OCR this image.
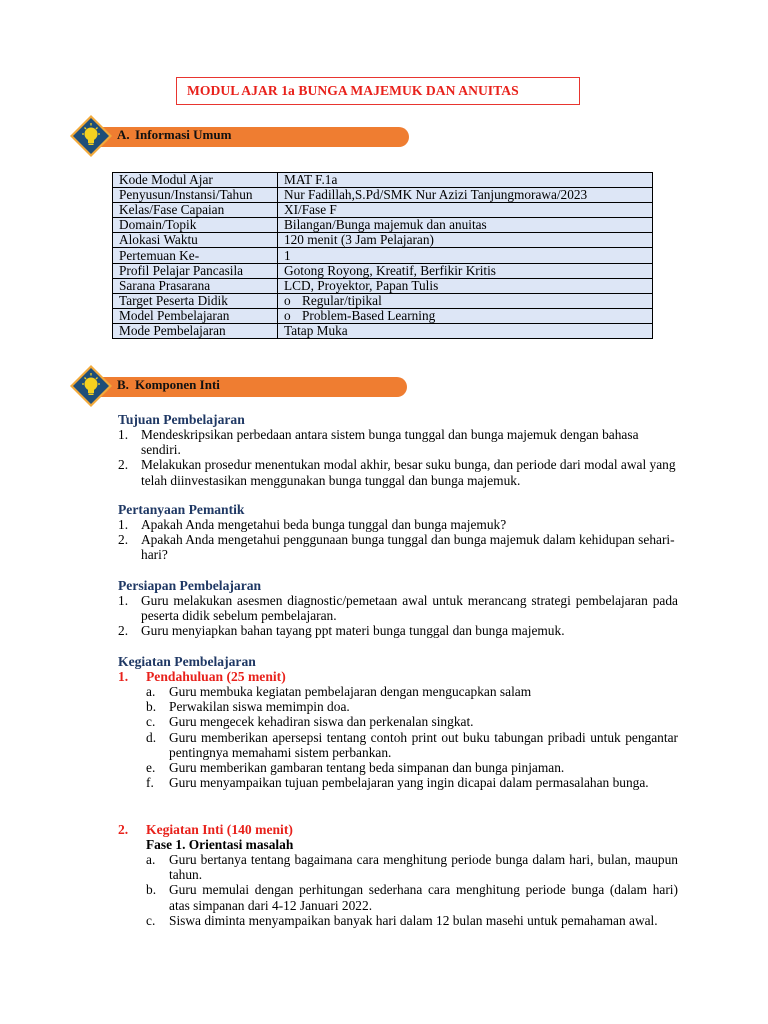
MODUL AJAR 1a BUNGA MAJEMUK DAN ANUITAS
A. Informasi Umum
Kode Modul Ajar	MAT F.1a
Penyusun/Instansi/Tahun	Nur Fadillah,S.Pd/SMK Nur Azizi Tanjungmorawa/2023
Kelas/Fase Capaian	XI/Fase F
Domain/Topik	Bilangan/Bunga majemuk dan anuitas
Alokasi Waktu	120 menit (3 Jam Pelajaran)
Pertemuan Ke-	1
Profil Pelajar Pancasila	Gotong Royong, Kreatif, Berfikir Kritis
Sarana Prasarana	LCD, Proyektor, Papan Tulis
Target Peserta Didik	o Regular/tipikal
Model Pembelajaran	o Problem-Based Learning
Mode Pembelajaran	Tatap Muka
B. Komponen Inti
Tujuan Pembelajaran
1. Mendeskripsikan perbedaan antara sistem bunga tunggal dan bunga majemuk dengan bahasa sendiri.
2. Melakukan prosedur menentukan modal akhir, besar suku bunga, dan periode dari modal awal yang telah diinvestasikan menggunakan bunga tunggal dan bunga majemuk.
Pertanyaan Pemantik
1. Apakah Anda mengetahui beda bunga tunggal dan bunga majemuk?
2. Apakah Anda mengetahui penggunaan bunga tunggal dan bunga majemuk dalam kehidupan sehari-hari?
Persiapan Pembelajaran
1. Guru melakukan asesmen diagnostic/pemetaan awal untuk merancang strategi pembelajaran pada peserta didik sebelum pembelajaran.
2. Guru menyiapkan bahan tayang ppt materi bunga tunggal dan bunga majemuk.
Kegiatan Pembelajaran
1. Pendahuluan (25 menit)
a. Guru membuka kegiatan pembelajaran dengan mengucapkan salam
b. Perwakilan siswa memimpin doa.
c. Guru mengecek kehadiran siswa dan perkenalan singkat.
d. Guru memberikan apersepsi tentang contoh print out buku tabungan pribadi untuk pengantar pentingnya memahami sistem perbankan.
e. Guru memberikan gambaran tentang beda simpanan dan bunga pinjaman.
f. Guru menyampaikan tujuan pembelajaran yang ingin dicapai dalam permasalahan bunga.
2. Kegiatan Inti (140 menit)
Fase 1. Orientasi masalah
a. Guru bertanya tentang bagaimana cara menghitung periode bunga dalam hari, bulan, maupun tahun.
b. Guru memulai dengan perhitungan sederhana cara menghitung periode bunga (dalam hari) atas simpanan dari 4-12 Januari 2022.
c. Siswa diminta menyampaikan banyak hari dalam 12 bulan masehi untuk pemahaman awal.
